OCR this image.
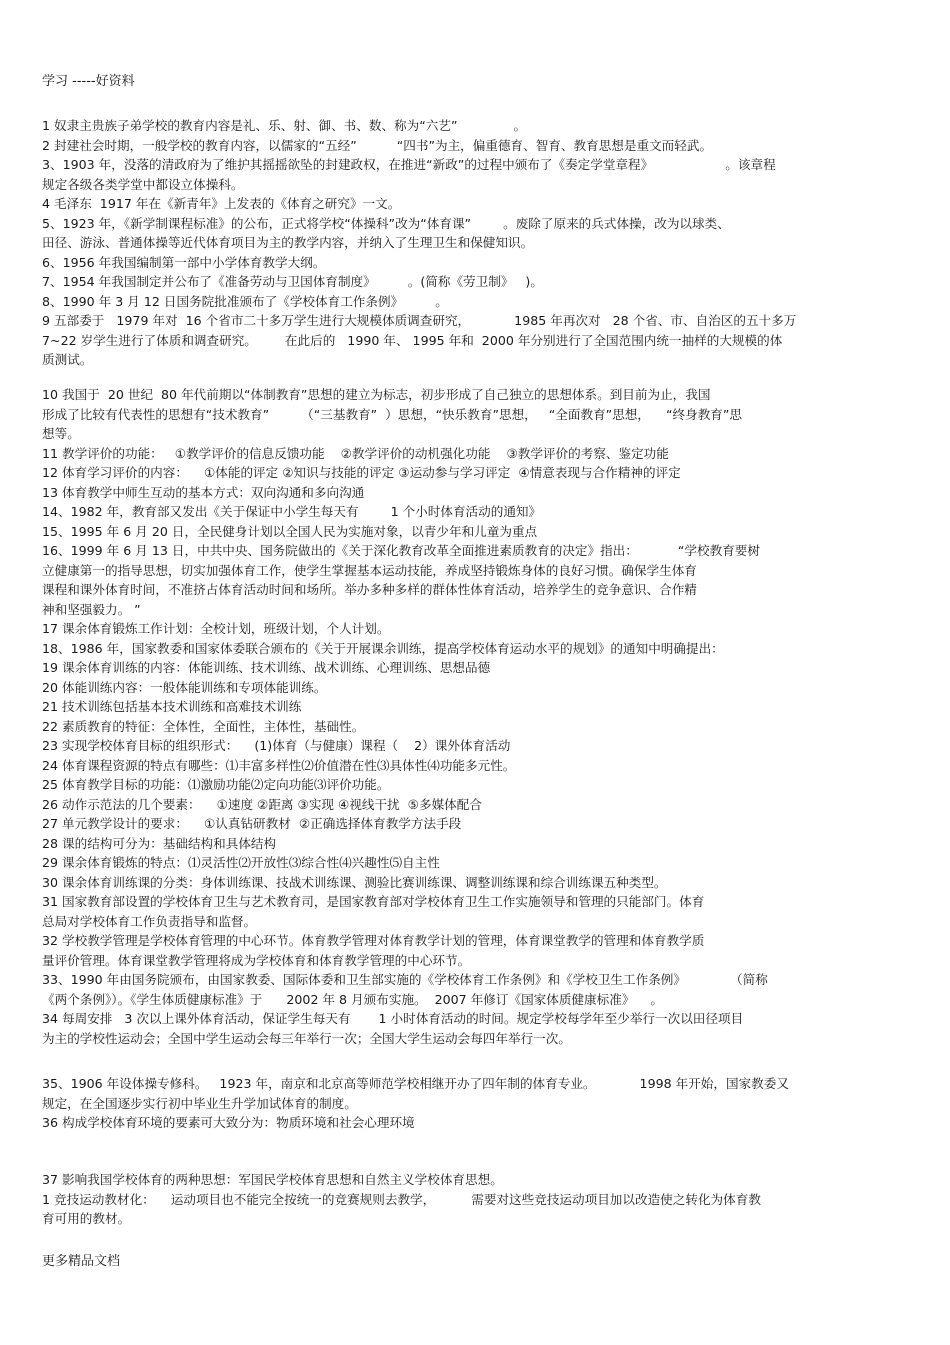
学习 -----好资料
1 奴隶主贵族子弟学校的教育内容是礼、乐、射、御、书、数、称为“六艺”              。
2 封建社会时期，一般学校的教育内容，以儒家的“五经”          “四书”为主，偏重德育、智育、教育思想是重文而轻武。
3、1903 年，没落的清政府为了维护其摇摇欲坠的封建政权，在推进“新政”的过程中颁布了《奏定学堂章程》                  。该章程
规定各级各类学堂中都设立体操科。
4 毛泽东  1917 年在《新青年》上发表的《体育之研究》一文。
5、1923 年，《新学制课程标准》的公布，正式将学校“体操科”改为“体育课”        。废除了原来的兵式体操，改为以球类、
田径、游泳、普通体操等近代体育项目为主的教学内容，并纳入了生理卫生和保健知识。
6、1956 年我国编制第一部中小学体育教学大纲。
7、1954 年我国制定并公布了《准备劳动与卫国体育制度》        。(简称《劳卫制》   )。
8、1990 年 3 月 12 日国务院批准颁布了《学校体育工作条例》        。
9 五部委于   1979 年对  16 个省市二十多万学生进行大规模体质调查研究，           1985 年再次对   28 个省、市、自治区的五十多万
7~22 岁学生进行了体质和调查研究。       在此后的   1990 年、 1995 年和  2000 年分别进行了全国范围内统一抽样的大规模的体
质测试。
10 我国于  20 世纪  80 年代前期以“体制教育”思想的建立为标志，初步形成了自己独立的思想体系。到目前为止，我国
形成了比较有代表性的思想有“技术教育”        （“三基教育”  ）思想，“快乐教育”思想，   “全面教育”思想，    “终身教育”思
想等。
11 教学评价的功能：   ①教学评价的信息反馈功能    ②教学评价的动机强化功能    ③教学评价的考察、鉴定功能
12 体育学习评价的内容：    ①体能的评定 ②知识与技能的评定 ③运动参与学习评定  ④情意表现与合作精神的评定
13 体育教学中师生互动的基本方式：双向沟通和多向沟通
14、1982 年，教育部又发出《关于保证中小学生每天有        1 个小时体育活动的通知》
15、1995 年 6 月 20 日，全民健身计划以全国人民为实施对象，以青少年和儿童为重点
16、1999 年 6 月 13 日，中共中央、国务院做出的《关于深化教育改革全面推进素质教育的决定》指出：          “学校教育要树
立健康第一的指导思想，切实加强体育工作，使学生掌握基本运动技能，养成坚持锻炼身体的良好习惯。确保学生体育
课程和课外体育时间，不准挤占体育活动时间和场所。举办多种多样的群体性体育活动，培养学生的竞争意识、合作精
神和坚强毅力。 ”
17 课余体育锻炼工作计划：全校计划，班级计划，个人计划。
18、1986 年，国家教委和国家体委联合颁布的《关于开展课余训练，提高学校体育运动水平的规划》的通知中明确提出：
19 课余体育训练的内容：体能训练、技术训练、战术训练、心理训练、思想品德
20 体能训练内容：一般体能训练和专项体能训练。
21 技术训练包括基本技术训练和高难技术训练
22 素质教育的特征：全体性，全面性，主体性，基础性。
23 实现学校体育目标的组织形式：    (1)体育（与健康）课程（    2）课外体育活动
24 体育课程资源的特点有哪些：⑴丰富多样性⑵价值潜在性⑶具体性⑷功能多元性。
25 体育教学目标的功能：⑴激励功能⑵定向功能⑶评价功能。
26 动作示范法的几个要素：    ①速度 ②距离 ③实现 ④视线干扰  ⑤多媒体配合
27 单元教学设计的要求：    ①认真钻研教材  ②正确选择体育教学方法手段
28 课的结构可分为：基础结构和具体结构
29 课余体育锻炼的特点：⑴灵活性⑵开放性⑶综合性⑷兴趣性⑸自主性
30 课余体育训练课的分类：身体训练课、技战术训练课、测验比赛训练课、调整训练课和综合训练课五种类型。
31 国家教育部设置的学校体育卫生与艺术教育司，是国家教育部对学校体育卫生工作实施领导和管理的只能部门。体育
总局对学校体育工作负责指导和监督。
32 学校教学管理是学校体育管理的中心环节。体育教学管理对体育教学计划的管理，体育课堂教学的管理和体育教学质
量评价管理。体育课堂教学管理将成为学校体育和体育教学管理的中心环节。
33、1990 年由国务院颁布，由国家教委、国际体委和卫生部实施的《学校体育工作条例》和《学校卫生工作条例》           （简称
《两个条例》）。《学生体质健康标准》于      2002 年 8 月颁布实施。  2007 年修订《国家体质健康标准》    。
34 每周安排   3 次以上课外体育活动，保证学生每天有       1 小时体育活动的时间。规定学校每学年至少举行一次以田径项目
为主的学校性运动会；全国中学生运动会每三年举行一次；全国大学生运动会每四年举行一次。
35、1906 年设体操专修科。   1923 年，南京和北京高等师范学校相继开办了四年制的体育专业。           1998 年开始，国家教委又
规定，在全国逐步实行初中毕业生升学加试体育的制度。
36 构成学校体育环境的要素可大致分为：物质环境和社会心理环境
37 影响我国学校体育的两种思想：军国民学校体育思想和自然主义学校体育思想。
1 竞技运动教材化：    运动项目也不能完全按统一的竞赛规则去教学，         需要对这些竞技运动项目加以改造使之转化为体育教
育可用的教材。
更多精品文档
